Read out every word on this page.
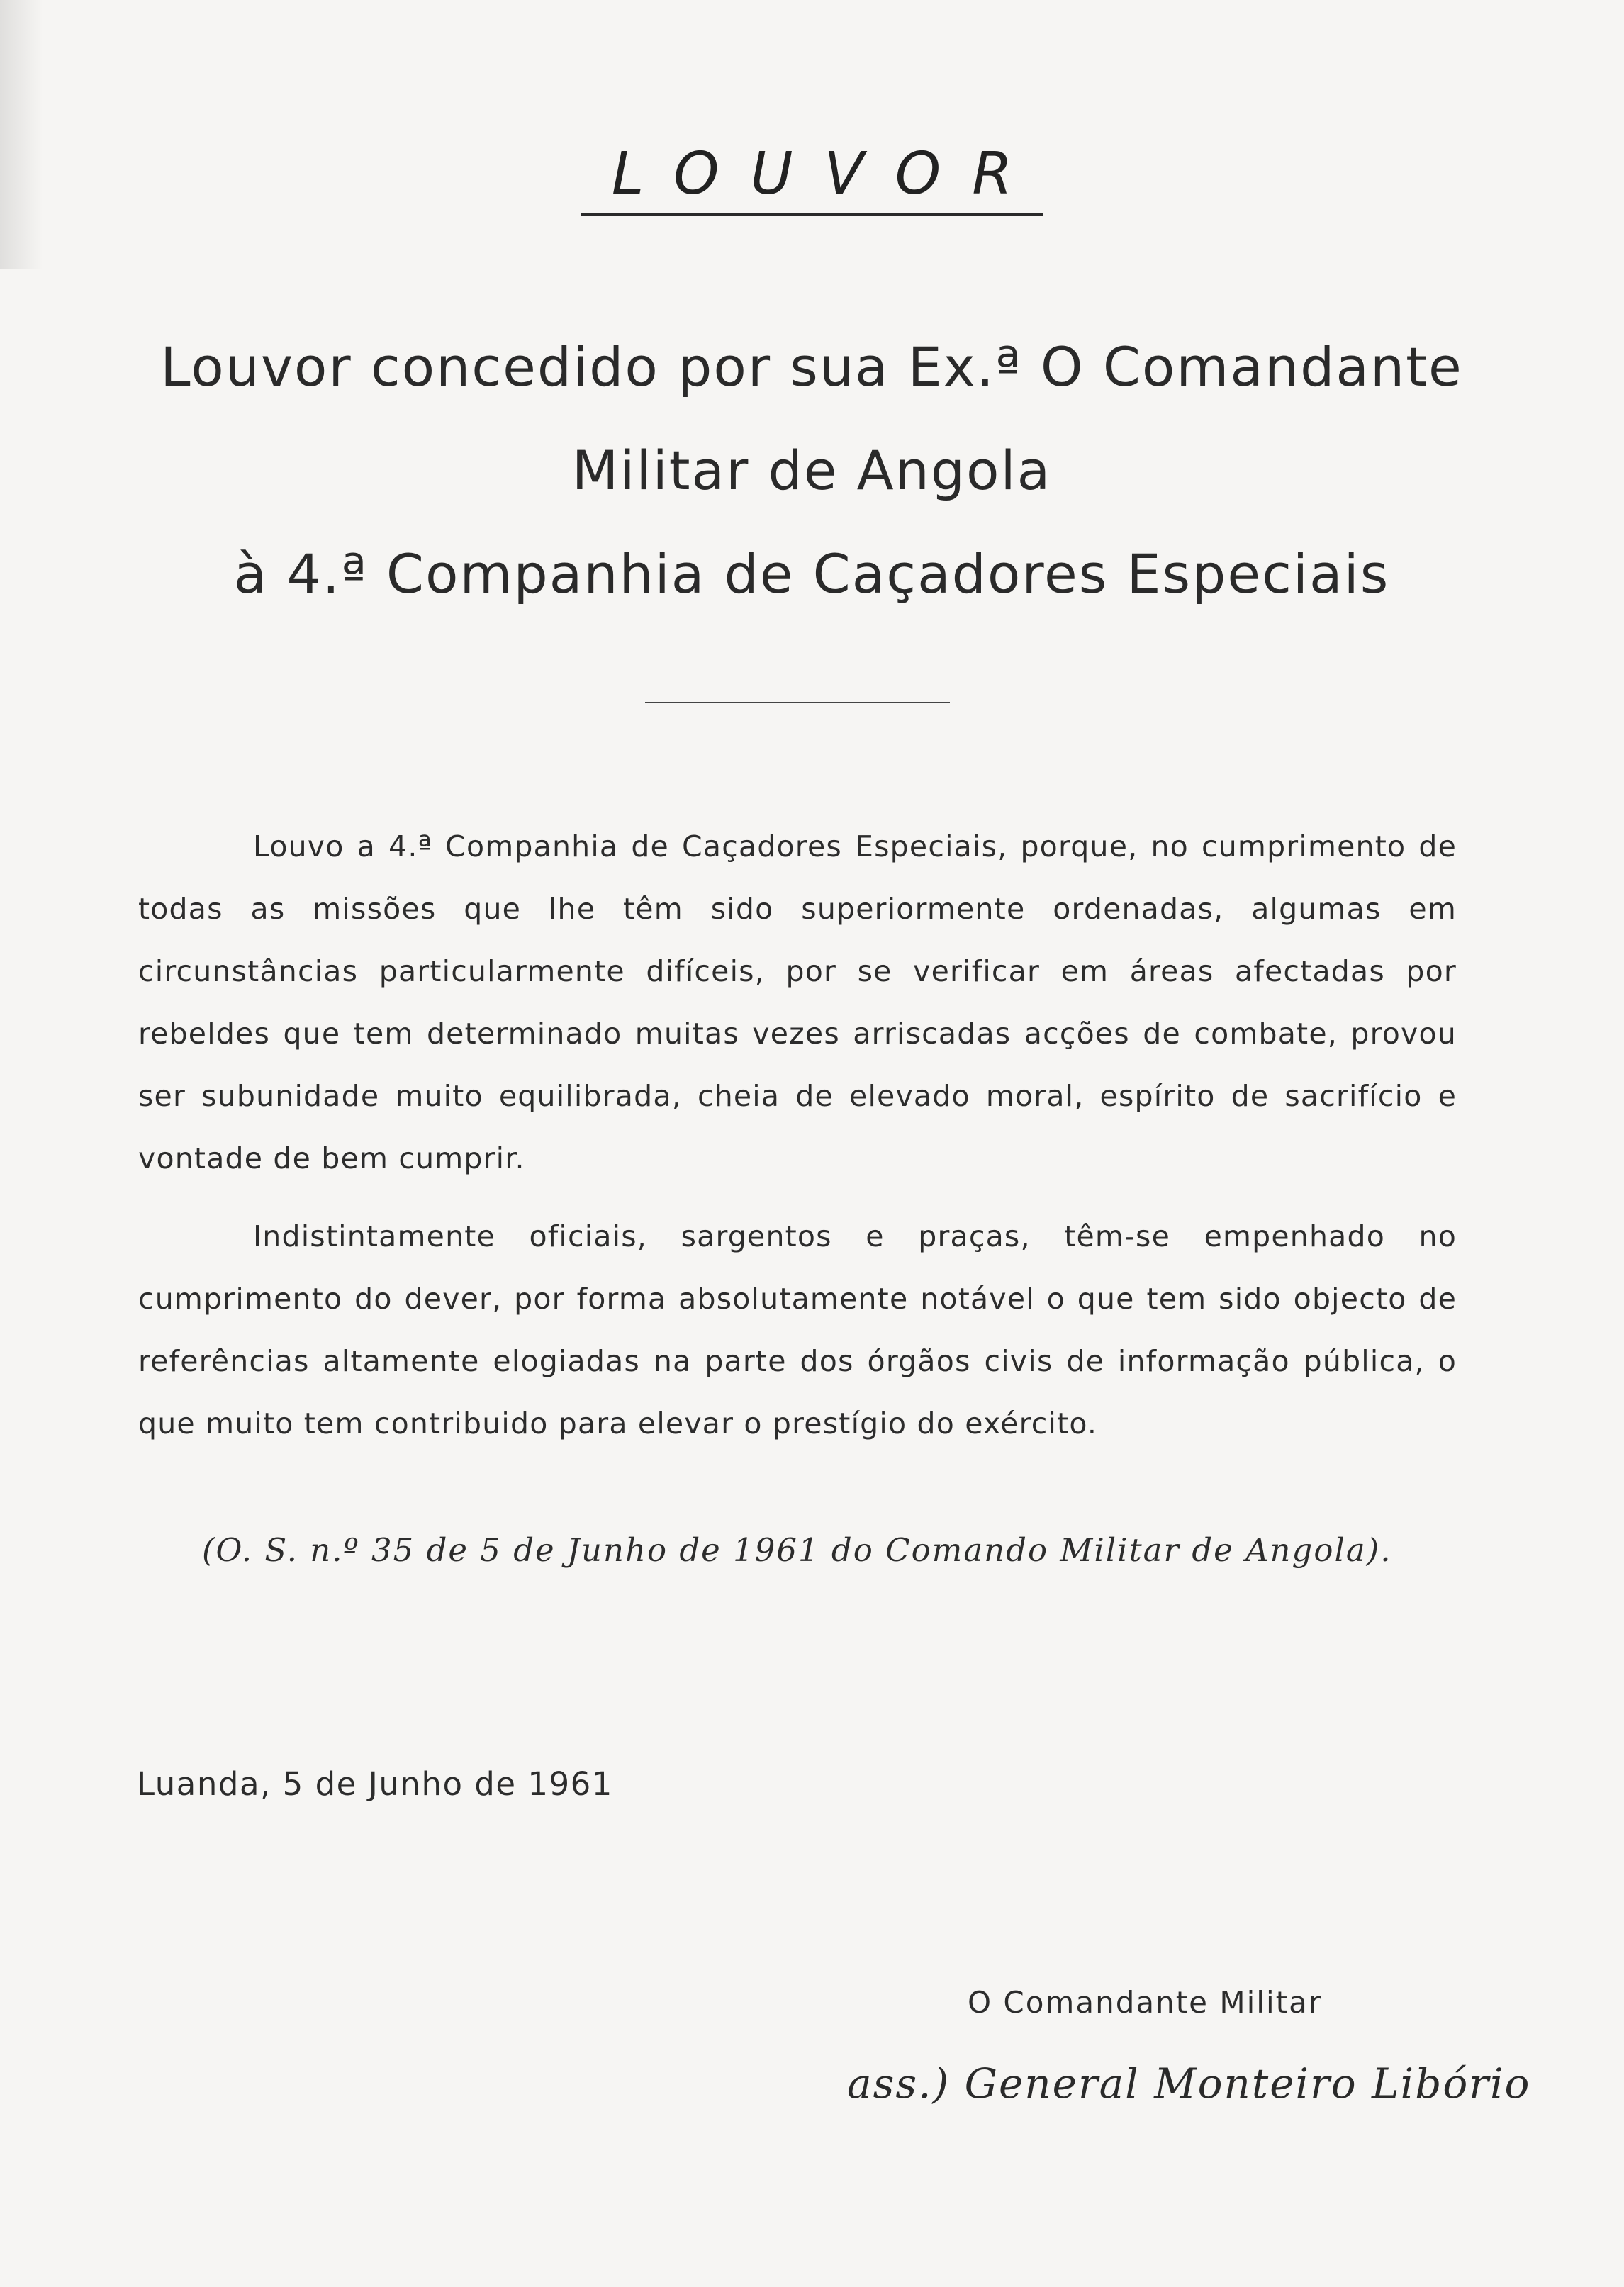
LOUVOR
Louvor concedido por sua Ex.ª O Comandante
Militar de Angola
à 4.ª Companhia de Caçadores Especiais

Louvo a 4.ª Companhia de Caçadores Especiais, porque, no cumprimento de todas as missões que lhe têm sido superiormente ordenadas, algumas em circunstâncias particularmente difíceis, por se verificar em áreas afectadas por rebeldes que tem determinado muitas vezes arriscadas acções de combate, provou ser subunidade muito equilibrada, cheia de elevado moral, espírito de sacrifício e vontade de bem cumprir.

Indistintamente oficiais, sargentos e praças, têm-se empenhado no cumprimento do dever, por forma absolutamente notável o que tem sido objecto de referências altamente elogiadas na parte dos órgãos civis de informação pública, o que muito tem contribuido para elevar o prestígio do exército.

(O. S. n.º 35 de 5 de Junho de 1961 do Comando Militar de Angola).
Luanda, 5 de Junho de 1961
O Comandante Militar
ass.) General Monteiro Libório
